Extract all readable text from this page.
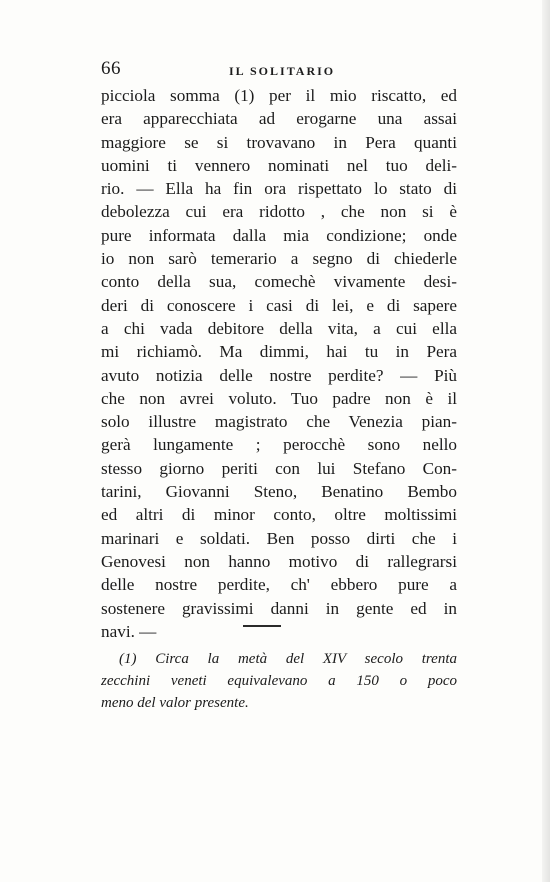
66	IL SOLITARIO
picciola somma (1) per il mio riscatto, ed
era apparecchiata ad erogarne una assai
maggiore se si trovavano in Pera quanti
uomini ti vennero nominati nel tuo deli-
rio. — Ella ha fin ora rispettato lo stato di
debolezza cui era ridotto , che non si è
pure informata dalla mia condizione; onde
io non sarò temerario a segno di chiederle
conto della sua, comechè vivamente desi-
deri di conoscere i casi di lei, e di sapere
a chi vada debitore della vita, a cui ella
mi richiamò. Ma dimmi, hai tu in Pera
avuto notizia delle nostre perdite? — Più
che non avrei voluto. Tuo padre non è il
solo illustre magistrato che Venezia pian-
gerà lungamente ; perocchè sono nello
stesso giorno periti con lui Stefano Con-
tarini, Giovanni Steno, Benatino Bembo
ed altri di minor conto, oltre moltissimi
marinari e soldati. Ben posso dirti che i
Genovesi non hanno motivo di rallegrarsi
delle nostre perdite, ch' ebbero pure a
sostenere gravissimi danni in gente ed in
navi. —
(1) Circa la metà del XIV secolo trenta
zecchini veneti equivalevano a 150 o poco
meno del valor presente.
